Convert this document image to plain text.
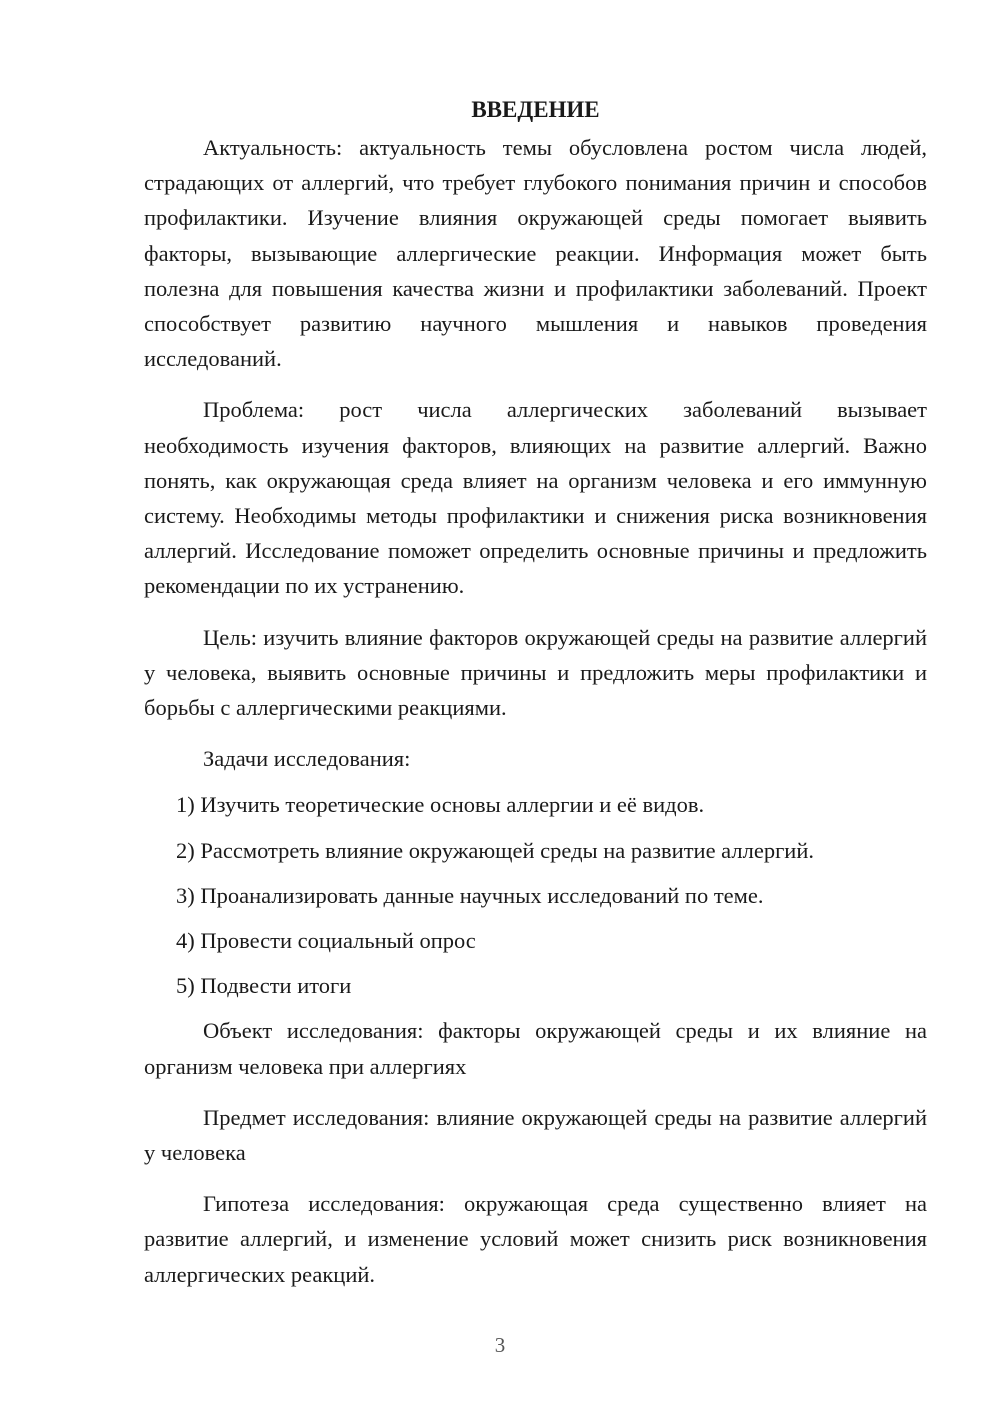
ВВЕДЕНИЕ

Актуальность: актуальность темы обусловлена ростом числа людей, страдающих от аллергий, что требует глубокого понимания причин и способов профилактики. Изучение влияния окружающей среды помогает выявить факторы, вызывающие аллергические реакции. Информация может быть полезна для повышения качества жизни и профилактики заболеваний. Проект способствует развитию научного мышления и навыков проведения исследований.

Проблема: рост числа аллергических заболеваний вызывает необходимость изучения факторов, влияющих на развитие аллергий. Важно понять, как окружающая среда влияет на организм человека и его иммунную систему. Необходимы методы профилактики и снижения риска возникновения аллергий. Исследование поможет определить основные причины и предложить рекомендации по их устранению.

Цель: изучить влияние факторов окружающей среды на развитие аллергий у человека, выявить основные причины и предложить меры профилактики и борьбы с аллергическими реакциями.

Задачи исследования:

1) Изучить теоретические основы аллергии и её видов.
2) Рассмотреть влияние окружающей среды на развитие аллергий.
3) Проанализировать данные научных исследований по теме.
4) Провести социальный опрос
5) Подвести итоги

Объект исследования: факторы окружающей среды и их влияние на организм человека при аллергиях

Предмет исследования: влияние окружающей среды на развитие аллергий у человека

Гипотеза исследования: окружающая среда существенно влияет на развитие аллергий, и изменение условий может снизить риск возникновения аллергических реакций.

3
